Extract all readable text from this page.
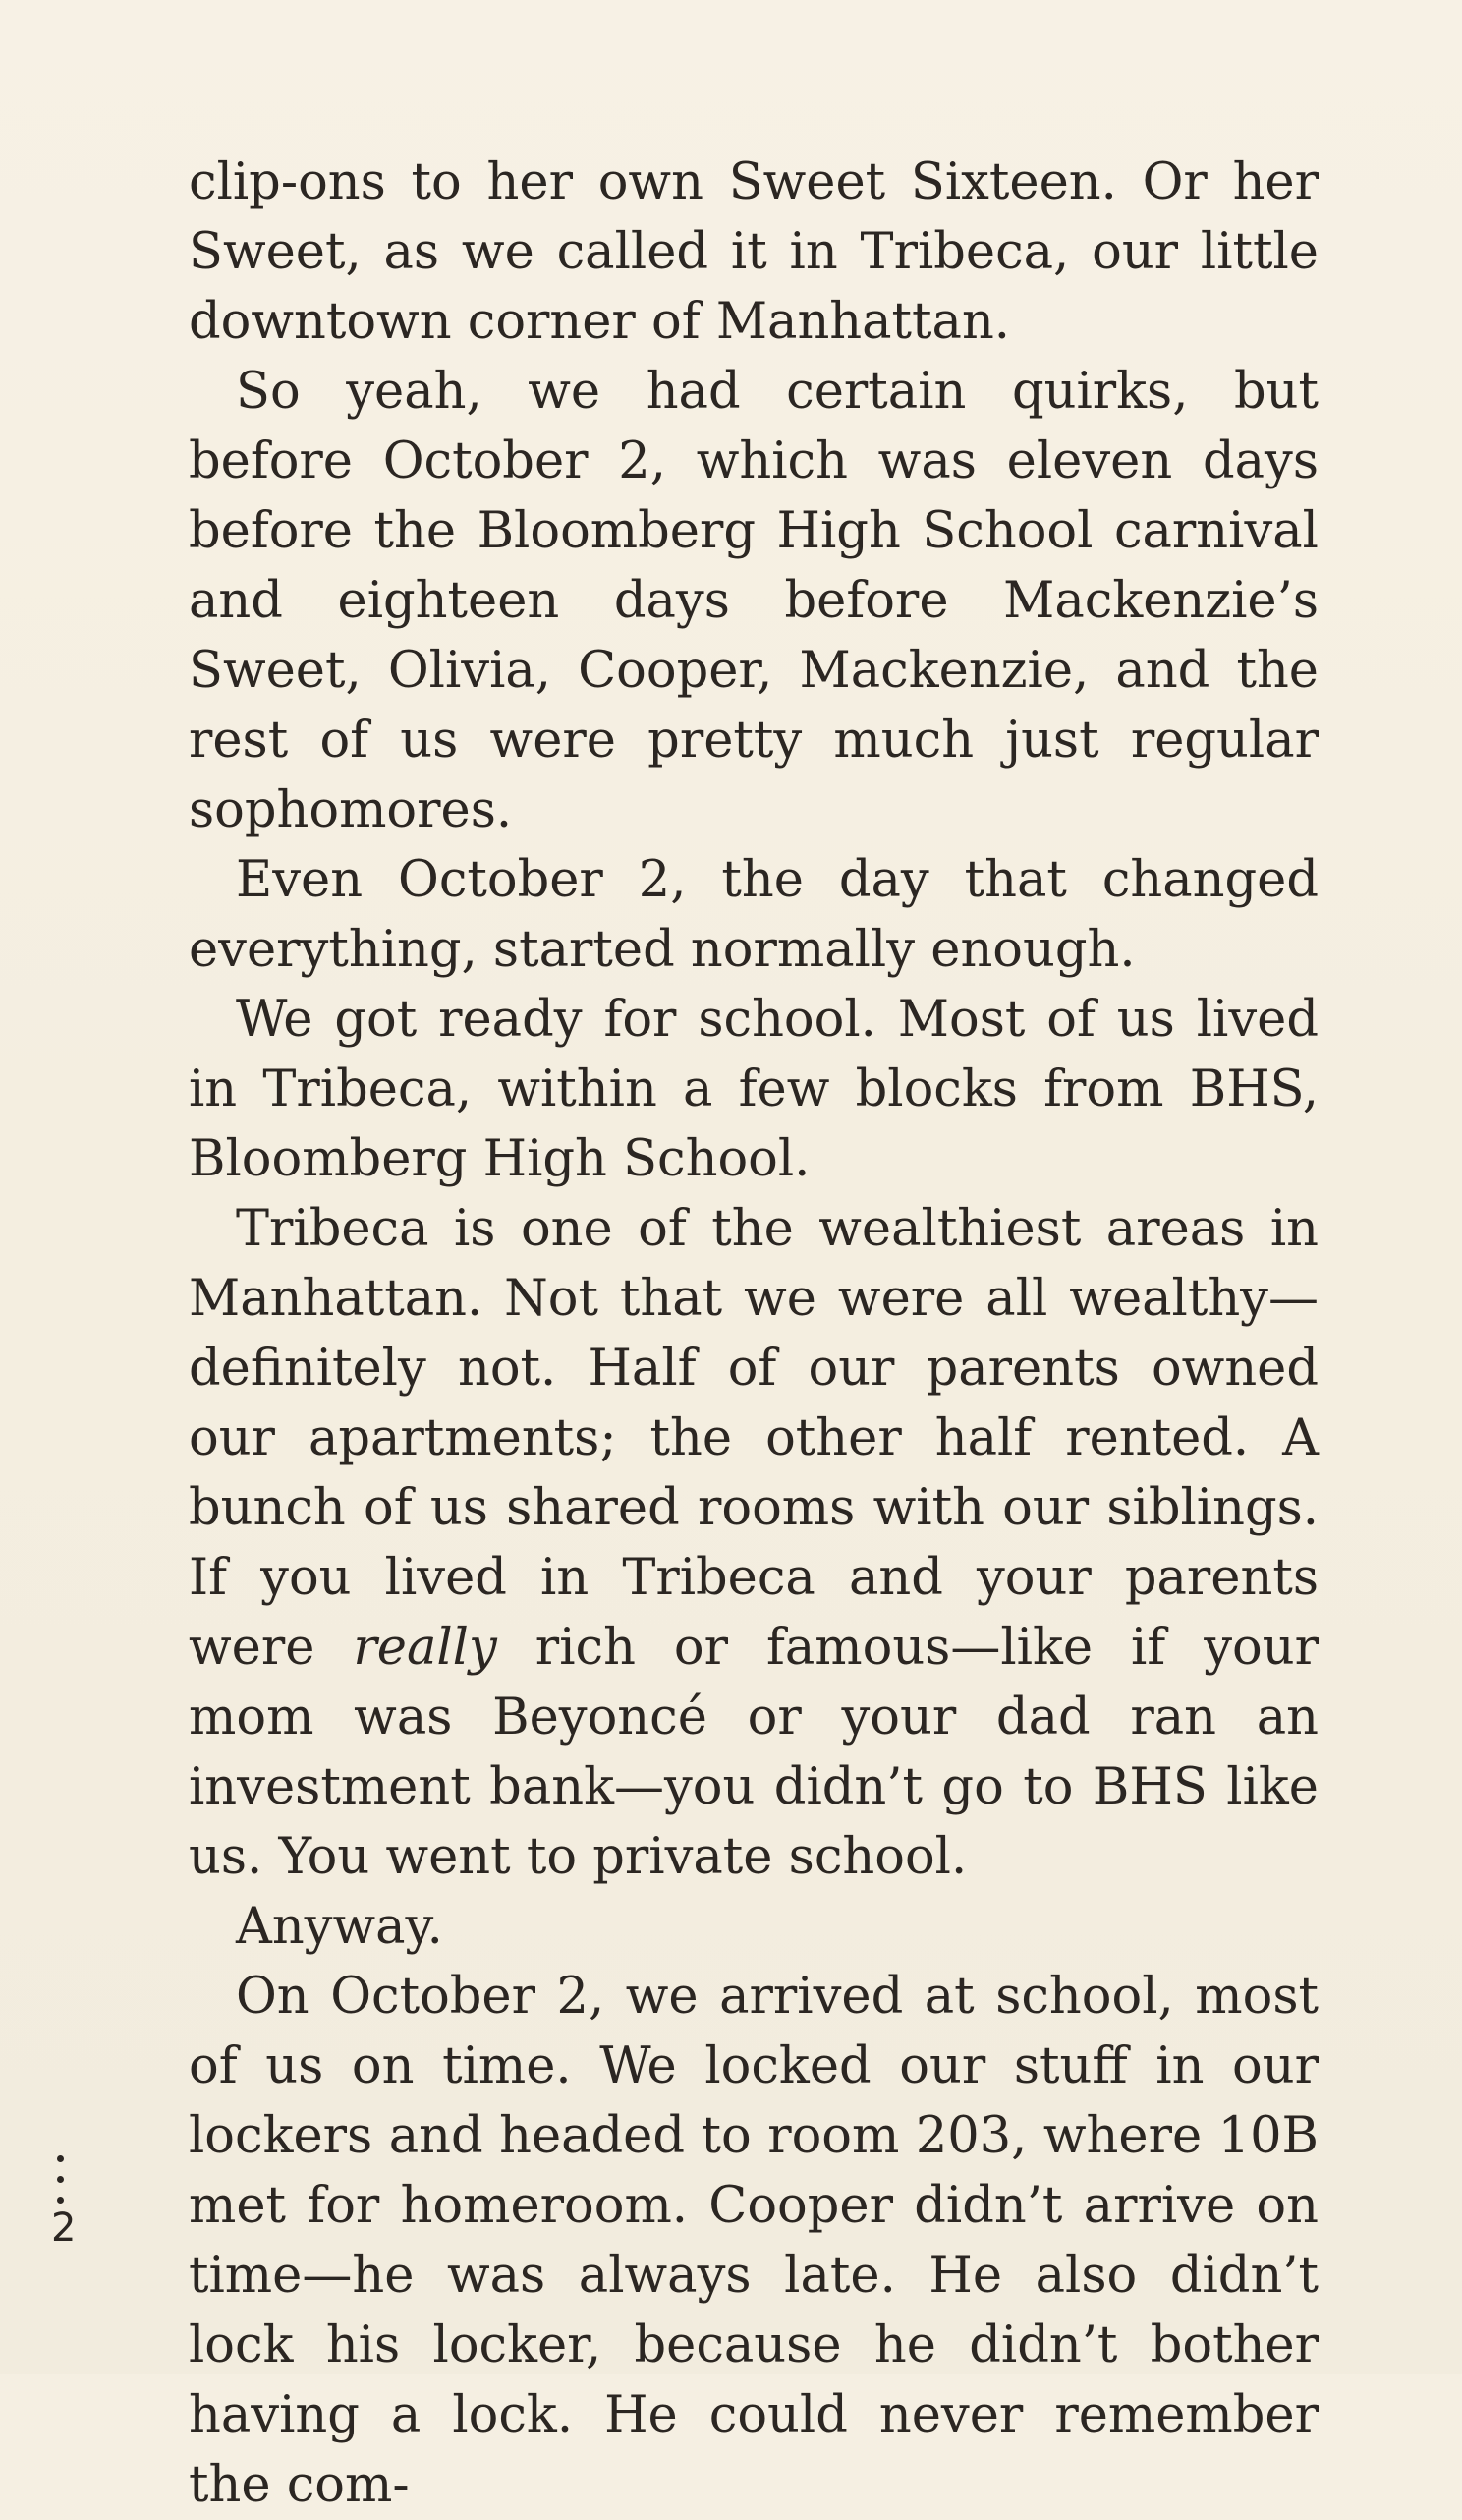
clip-ons to her own Sweet Sixteen. Or her Sweet, as we called it in Tribeca, our little downtown corner of Manhattan.

So yeah, we had certain quirks, but before October 2, which was eleven days before the Bloomberg High School carnival and eighteen days before Mackenzie’s Sweet, Olivia, Cooper, Mackenzie, and the rest of us were pretty much just regular sophomores.

Even October 2, the day that changed everything, started normally enough.

We got ready for school. Most of us lived in Tribeca, within a few blocks from BHS, Bloomberg High School.

Tribeca is one of the wealthiest areas in Manhattan. Not that we were all wealthy—definitely not. Half of our parents owned our apartments; the other half rented. A bunch of us shared rooms with our siblings. If you lived in Tribeca and your parents were really rich or famous—like if your mom was Beyoncé or your dad ran an investment bank—you didn’t go to BHS like us. You went to private school.

Anyway.

On October 2, we arrived at school, most of us on time. We locked our stuff in our lockers and headed to room 203, where 10B met for homeroom. Cooper didn’t arrive on time—he was always late. He also didn’t lock his locker, because he didn’t bother having a lock. He could never remember the com-

2
